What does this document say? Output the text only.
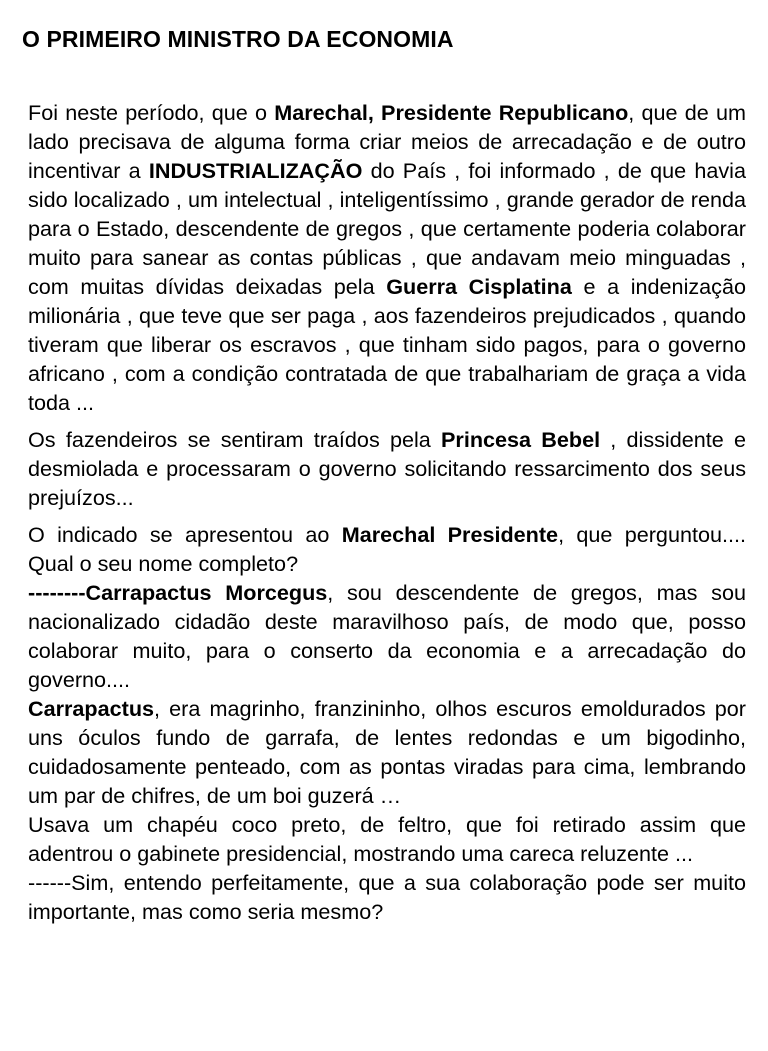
O PRIMEIRO MINISTRO DA ECONOMIA

Foi neste período, que o Marechal, Presidente Republicano, que de um lado precisava de alguma forma criar meios de arrecadação e de outro incentivar a INDUSTRIALIZAÇÃO do País , foi informado , de que havia sido localizado , um intelectual , inteligentíssimo , grande gerador de renda para o Estado, descendente de gregos , que certamente poderia colaborar muito para sanear as contas públicas , que andavam meio minguadas , com muitas dívidas deixadas pela Guerra Cisplatina e a indenização milionária , que teve que ser paga , aos fazendeiros prejudicados , quando tiveram que liberar os escravos , que tinham sido pagos, para o governo africano , com a condição contratada de que trabalhariam de graça a vida toda ...

Os fazendeiros se sentiram traídos pela Princesa Bebel , dissidente e desmiolada e processaram o governo solicitando ressarcimento dos seus prejuízos...

O indicado se apresentou ao Marechal Presidente, que perguntou.... Qual o seu nome completo?

--------Carrapactus Morcegus, sou descendente de gregos, mas sou nacionalizado cidadão deste maravilhoso país, de modo que, posso colaborar muito, para o conserto da economia e a arrecadação do governo....

Carrapactus, era magrinho, franzininho, olhos escuros emoldurados por uns óculos fundo de garrafa, de lentes redondas e um bigodinho, cuidadosamente penteado, com as pontas viradas para cima, lembrando um par de chifres, de um boi guzerá …

Usava um chapéu coco preto, de feltro, que foi retirado assim que adentrou o gabinete presidencial, mostrando uma careca reluzente ...

------Sim, entendo perfeitamente, que a sua colaboração pode ser muito importante, mas como seria mesmo?
